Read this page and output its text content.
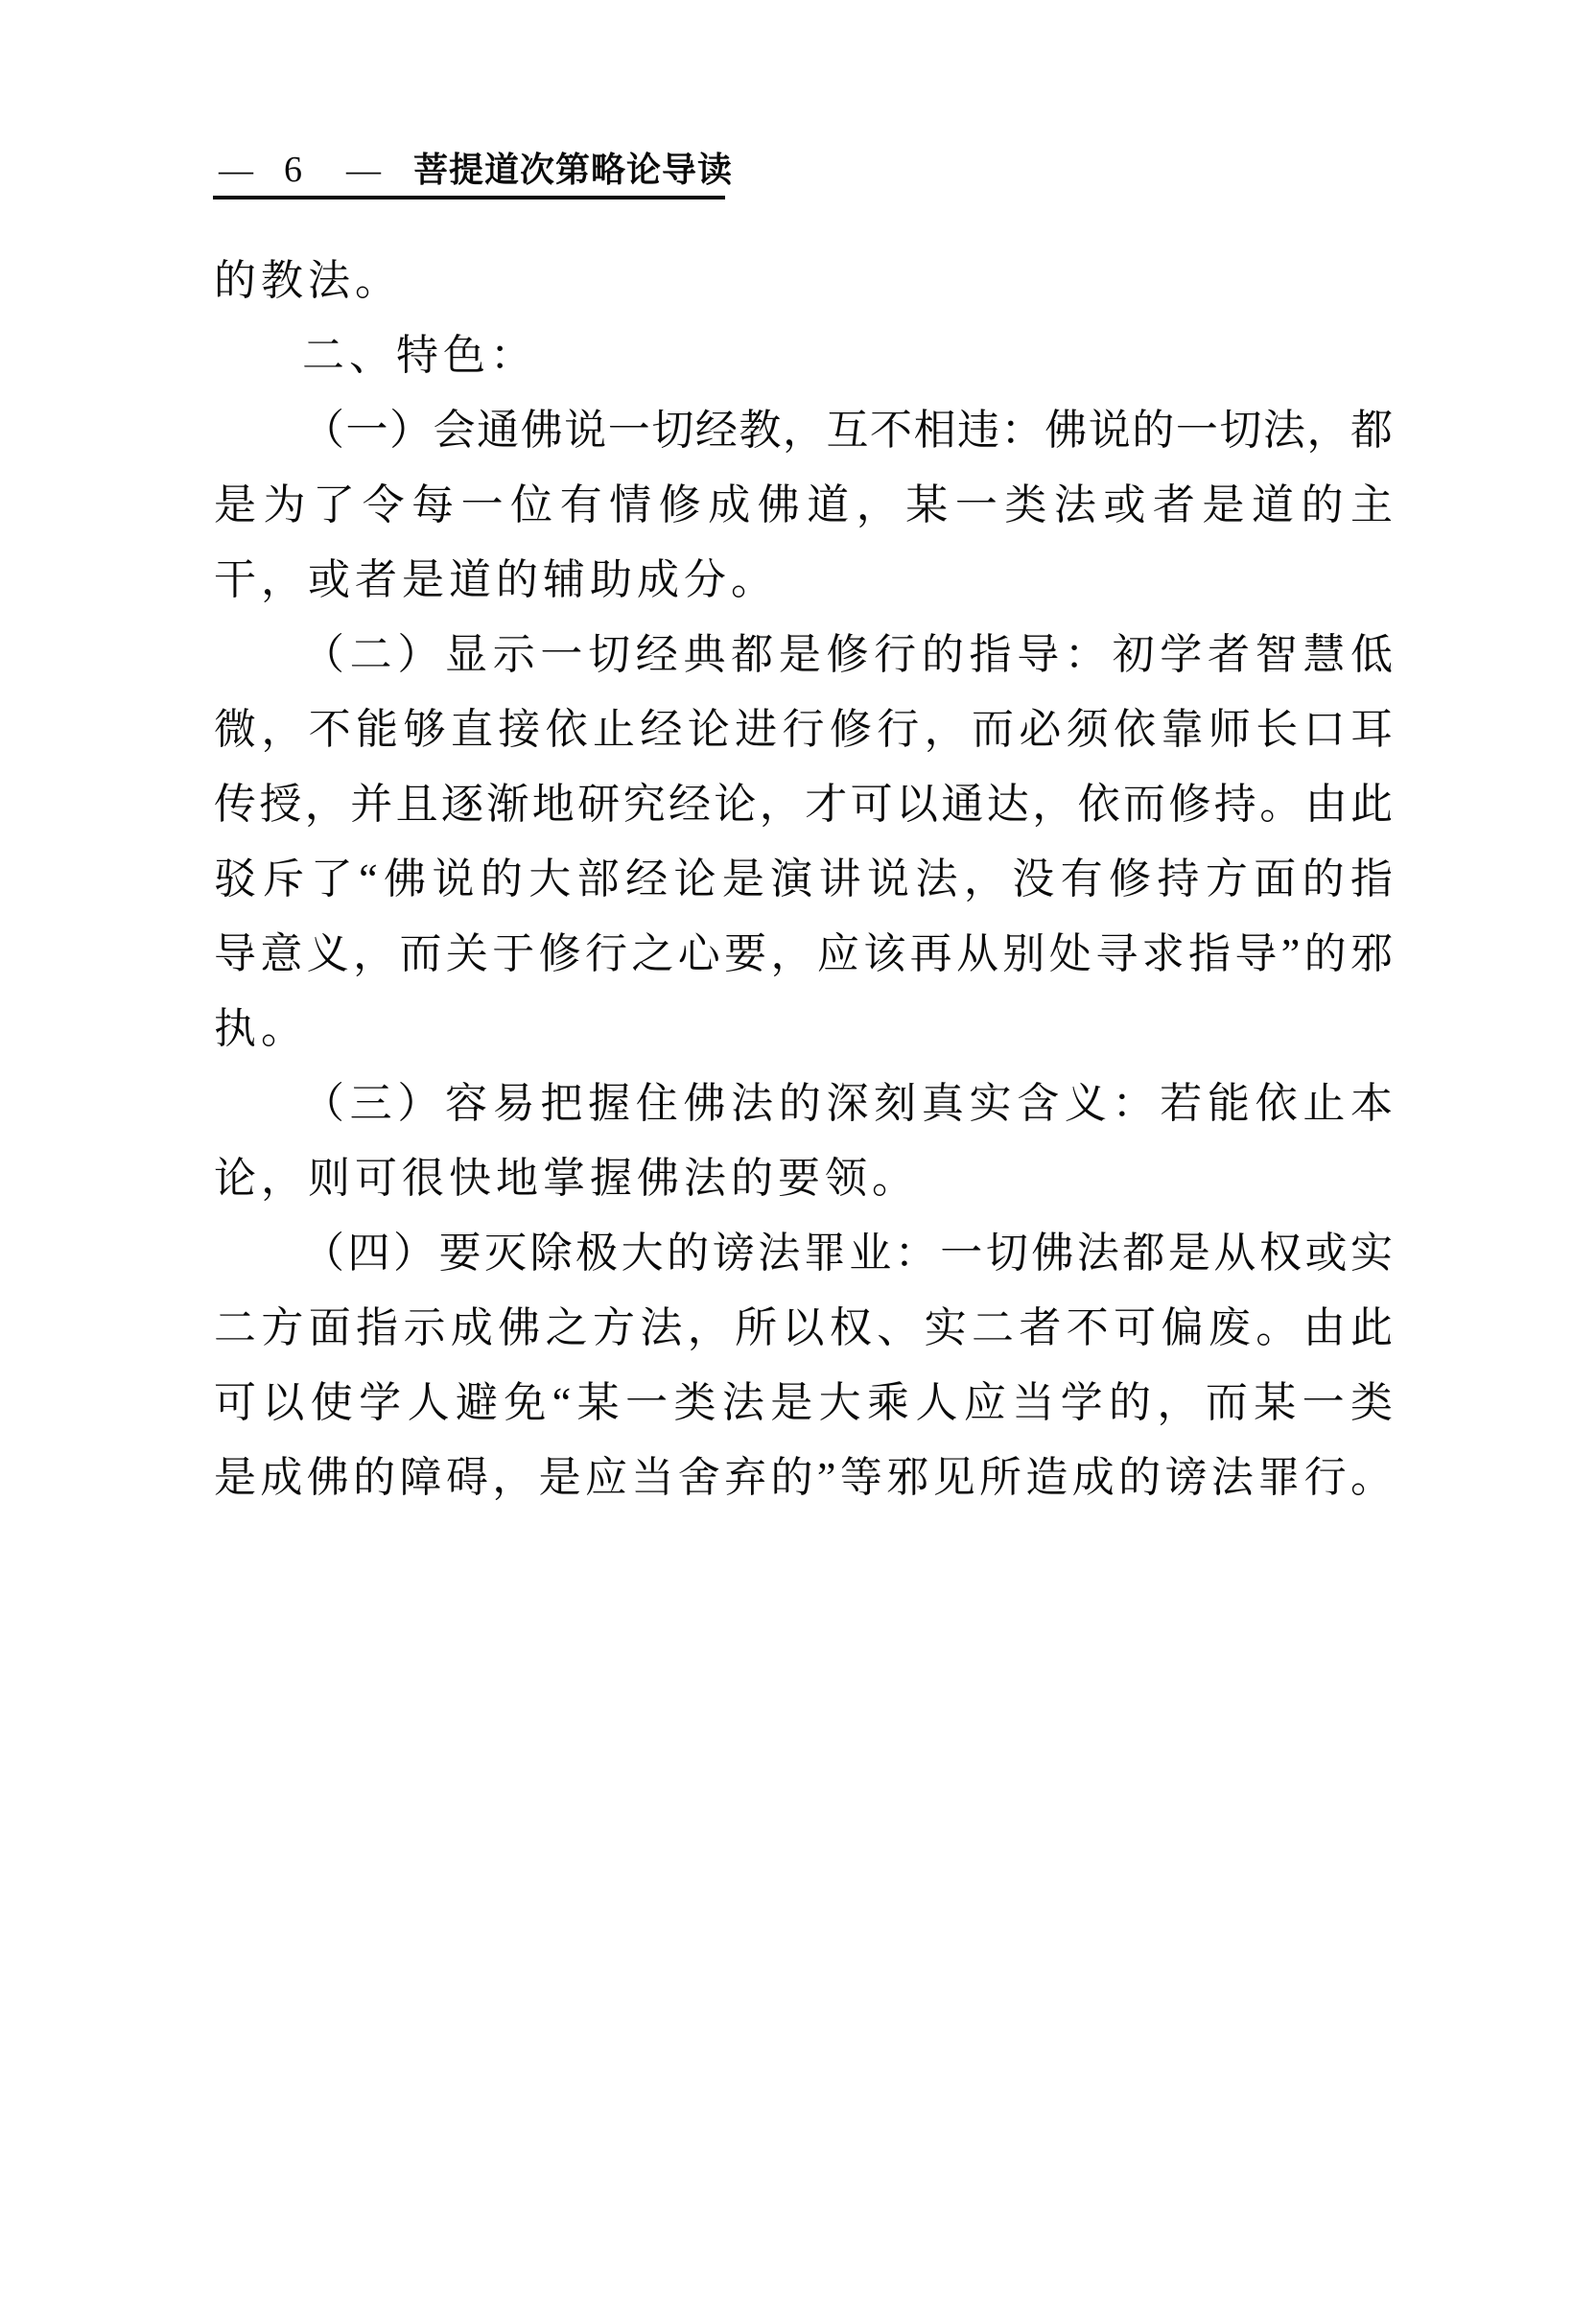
— 6 — 菩提道次第略论导读
的教法。
二、特色：
（一）会通佛说一切经教，互不相违：佛说的一切法，都
是为了令每一位有情修成佛道，某一类法或者是道的主
干，或者是道的辅助成分。
（二）显示一切经典都是修行的指导：初学者智慧低
微，不能够直接依止经论进行修行，而必须依靠师长口耳
传授，并且逐渐地研究经论，才可以通达，依而修持。由此
驳斥了“佛说的大部经论是演讲说法，没有修持方面的指
导意义，而关于修行之心要，应该再从别处寻求指导”的邪
执。
（三）容易把握住佛法的深刻真实含义：若能依止本
论，则可很快地掌握佛法的要领。
（四）要灭除极大的谤法罪业：一切佛法都是从权或实
二方面指示成佛之方法，所以权、实二者不可偏废。由此
可以使学人避免“某一类法是大乘人应当学的，而某一类
是成佛的障碍，是应当舍弃的”等邪见所造成的谤法罪行。
